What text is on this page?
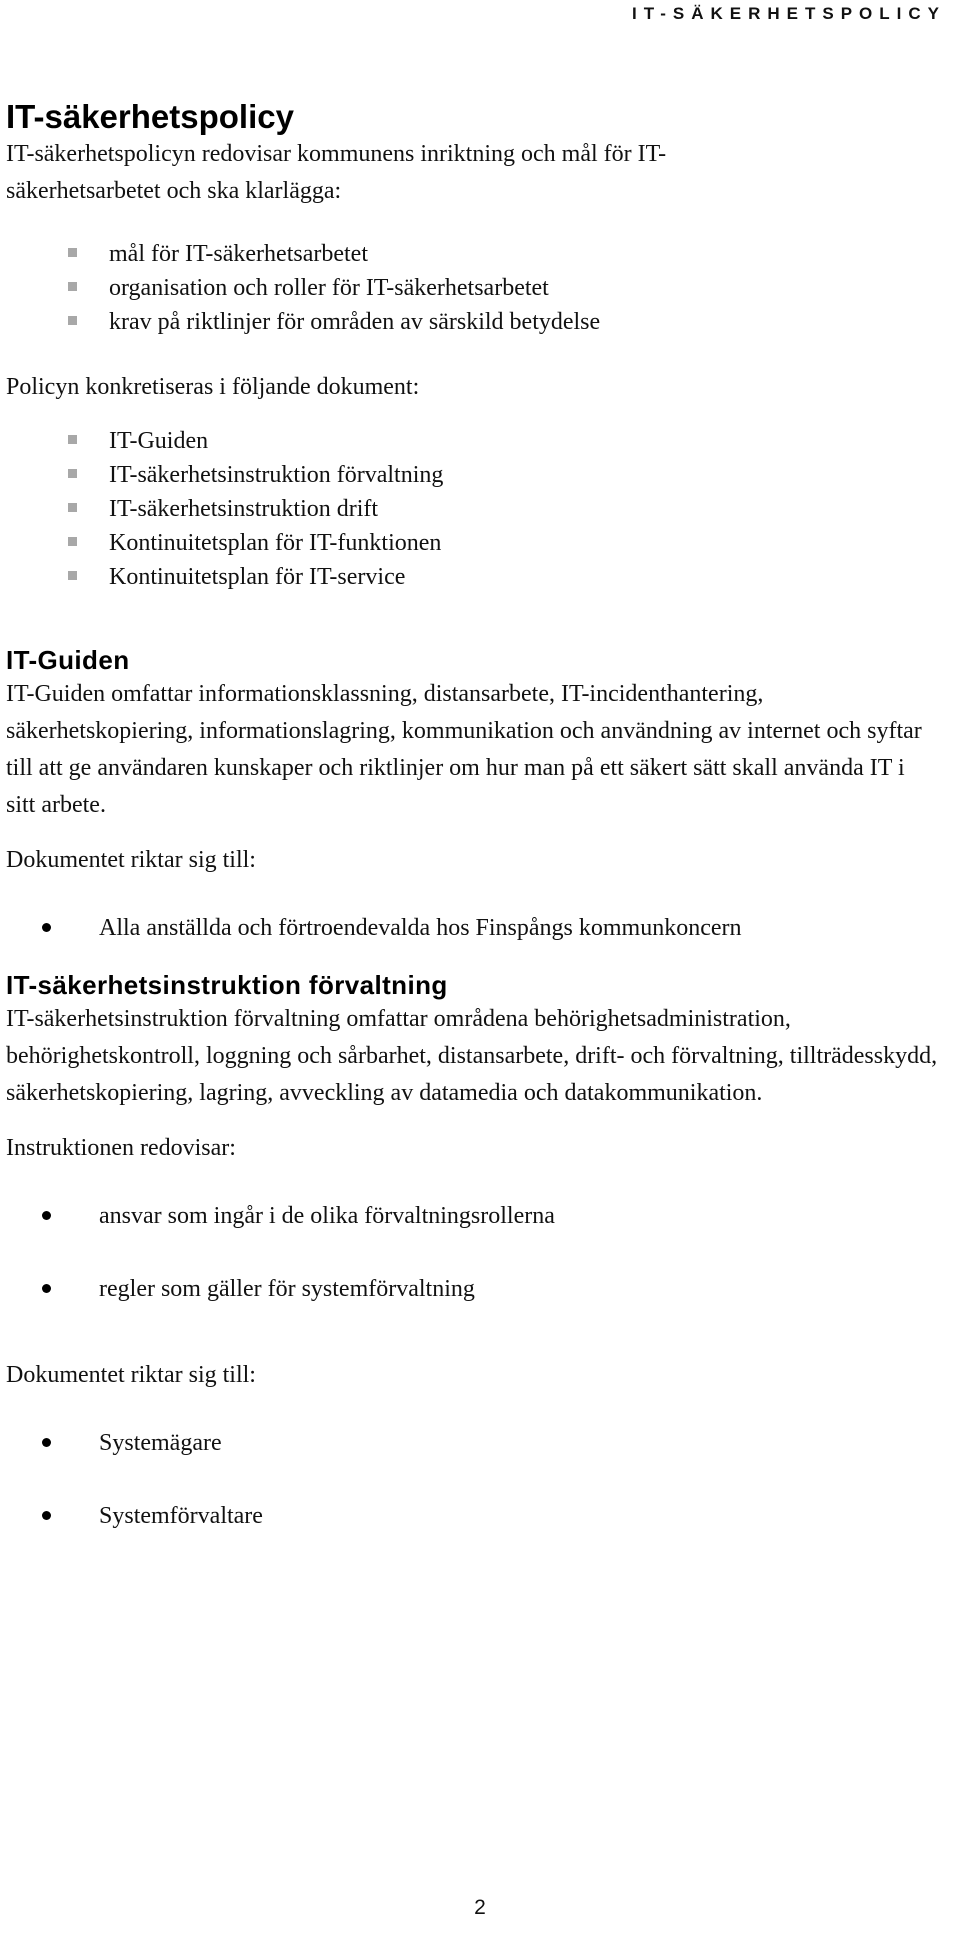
IT-SÄKERHETSPOLICY
IT-säkerhetspolicy

IT-säkerhetspolicyn redovisar kommunens inriktning och mål för IT-säkerhetsarbetet och ska klarlägga:

mål för IT-säkerhetsarbetet
organisation och roller för IT-säkerhetsarbetet
krav på riktlinjer för områden av särskild betydelse

Policyn konkretiseras i följande dokument:

IT-Guiden
IT-säkerhetsinstruktion förvaltning
IT-säkerhetsinstruktion drift
Kontinuitetsplan för IT-funktionen
Kontinuitetsplan för IT-service
IT-Guiden

IT-Guiden omfattar informationsklassning, distansarbete, IT-incidenthantering, säkerhetskopiering, informationslagring, kommunikation och användning av internet och syftar till att ge användaren kunskaper och riktlinjer om hur man på ett säkert sätt skall använda IT i sitt arbete.

Dokumentet riktar sig till:

Alla anställda och förtroendevalda hos Finspångs kommunkoncern
IT-säkerhetsinstruktion förvaltning

IT-säkerhetsinstruktion förvaltning omfattar områdena behörighetsadministration, behörighetskontroll, loggning och sårbarhet, distansarbete, drift- och förvaltning, tillträdesskydd, säkerhetskopiering, lagring, avveckling av datamedia och datakommunikation.

Instruktionen redovisar:

ansvar som ingår i de olika förvaltningsrollerna
regler som gäller för systemförvaltning

Dokumentet riktar sig till:

Systemägare
Systemförvaltare
2
